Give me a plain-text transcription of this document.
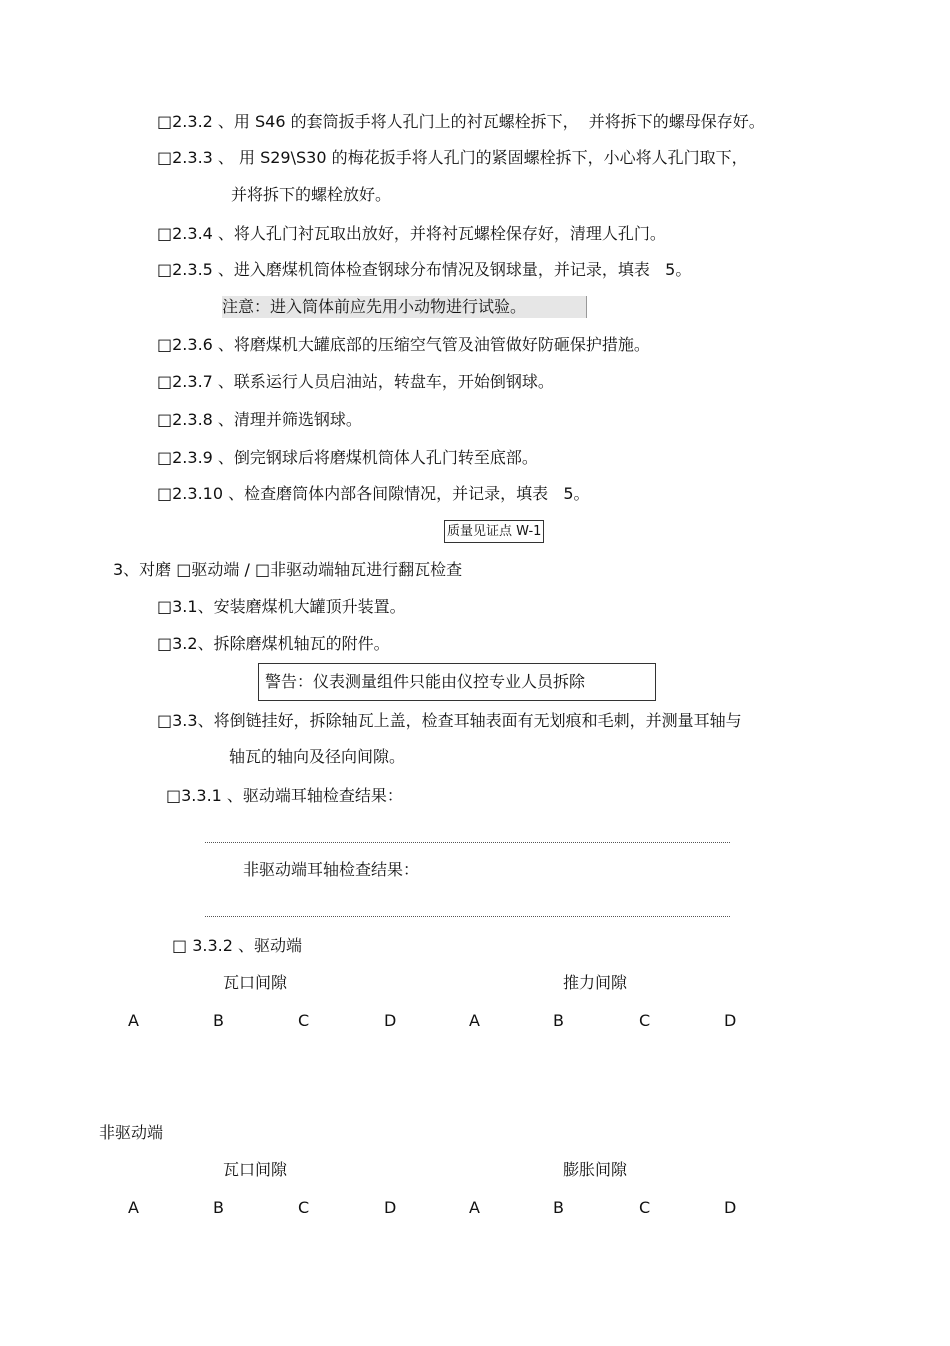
□2.3.2 、用 S46 的套筒扳手将人孔门上的衬瓦螺栓拆下，  并将拆下的螺母保存好。
□2.3.3 、 用 S29\S30 的梅花扳手将人孔门的紧固螺栓拆下，小心将人孔门取下，
并将拆下的螺栓放好。
□2.3.4 、将人孔门衬瓦取出放好，并将衬瓦螺栓保存好，清理人孔门。
□2.3.5 、进入磨煤机筒体检查钢球分布情况及钢球量，并记录，填表   5。
注意：进入筒体前应先用小动物进行试验。
□2.3.6 、将磨煤机大罐底部的压缩空气管及油管做好防砸保护措施。
□2.3.7 、联系运行人员启油站，转盘车，开始倒钢球。
□2.3.8 、清理并筛选钢球。
□2.3.9 、倒完钢球后将磨煤机筒体人孔门转至底部。
□2.3.10 、检查磨筒体内部各间隙情况，并记录，填表   5。
质量见证点 W-1
3、对磨 □驱动端 / □非驱动端轴瓦进行翻瓦检查
□3.1、安装磨煤机大罐顶升装置。
□3.2、拆除磨煤机轴瓦的附件。
警告：仪表测量组件只能由仪控专业人员拆除
□3.3、将倒链挂好，拆除轴瓦上盖，检查耳轴表面有无划痕和毛刺，并测量耳轴与
轴瓦的轴向及径向间隙。
□3.3.1 、驱动端耳轴检查结果：
非驱动端耳轴检查结果：
□ 3.3.2 、驱动端
瓦口间隙	推力间隙
A	B	C	D	A	B	C	D
非驱动端
瓦口间隙	膨胀间隙
A	B	C	D	A	B	C	D
